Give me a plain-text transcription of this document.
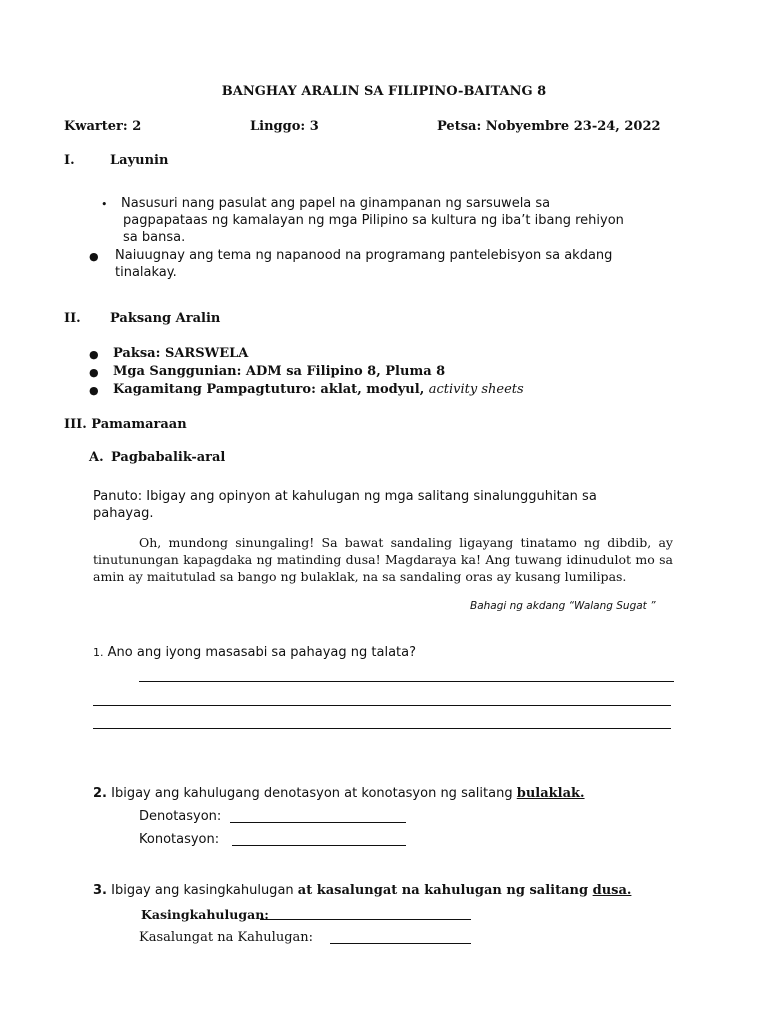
BANGHAY ARALIN SA FILIPINO-BAITANG 8
Kwarter: 2	Linggo: 3	Petsa: Nobyembre 23-24, 2022
I.	Layunin
• Nasusuri nang pasulat ang papel na ginampanan ng sarsuwela sa
pagpapataas ng kamalayan ng mga Pilipino sa kultura ng iba’t ibang rehiyon
sa bansa.
● Naiuugnay ang tema ng napanood na programang pantelebisyon sa akdang
tinalakay.
II. Paksang Aralin
● Paksa: SARSWELA
● Mga Sanggunian: ADM sa Filipino 8, Pluma 8
● Kagamitang Pampagtuturo: aklat, modyul, activity sheets
III. Pamamaraan
A. Pagbabalik-aral
Panuto: Ibigay ang opinyon at kahulugan ng mga salitang sinalungguhitan sa
pahayag.
Oh, mundong sinungaling! Sa bawat sandaling ligayang tinatamo ng dibdib, ay tinutunungan kapagdaka ng matinding dusa! Magdaraya ka! Ang tuwang idinudulot mo sa amin ay maitutulad sa bango ng bulaklak, na sa sandaling oras ay kusang lumilipas.
Bahagi ng akdang “Walang Sugat ”
1. Ano ang iyong masasabi sa pahayag ng talata?
2. Ibigay ang kahulugang denotasyon at konotasyon ng salitang bulaklak.
Denotasyon:
Konotasyon:
3. Ibigay ang kasingkahulugan at kasalungat na kahulugan ng salitang dusa.
Kasingkahulugan:
Kasalungat na Kahulugan:
